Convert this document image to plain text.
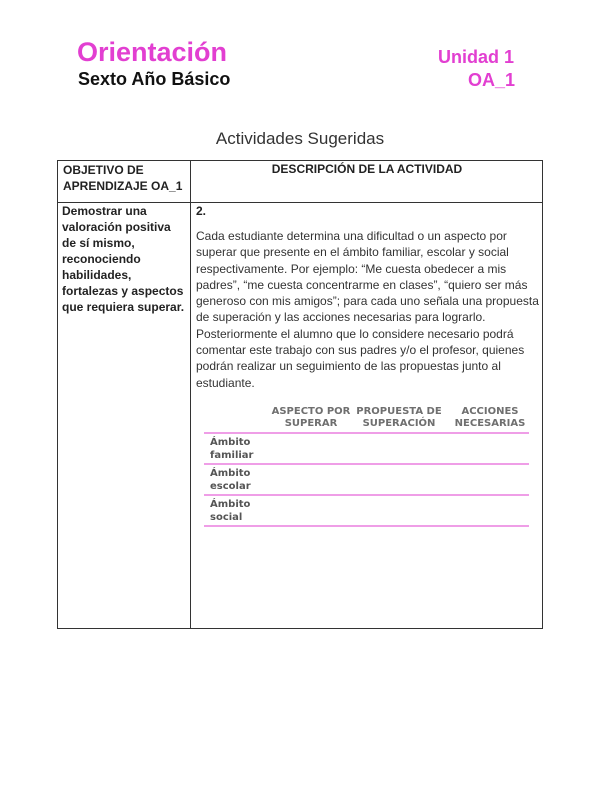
Orientación
Sexto Año Básico
Unidad 1
OA_1
Actividades Sugeridas
OBJETIVO DE APRENDIZAJE OA_1
DESCRIPCIÓN DE LA ACTIVIDAD
Demostrar una valoración positiva de sí mismo, reconociendo habilidades, fortalezas y aspectos que requiera superar.
2.
Cada estudiante determina una dificultad o un aspecto por superar que presente en el ámbito familiar, escolar y social respectivamente. Por ejemplo: “Me cuesta obedecer a mis padres”, “me cuesta concentrarme en clases”, “quiero ser más generoso con mis amigos”; para cada uno señala una propuesta de superación y las acciones necesarias para lograrlo. Posteriormente el alumno que lo considere necesario podrá comentar este trabajo con sus padres y/o el profesor, quienes podrán realizar un seguimiento de las propuestas junto al estudiante.
ASPECTO POR SUPERAR
PROPUESTA DE SUPERACIÓN
ACCIONES NECESARIAS
Ámbito familiar
Ámbito escolar
Ámbito social
